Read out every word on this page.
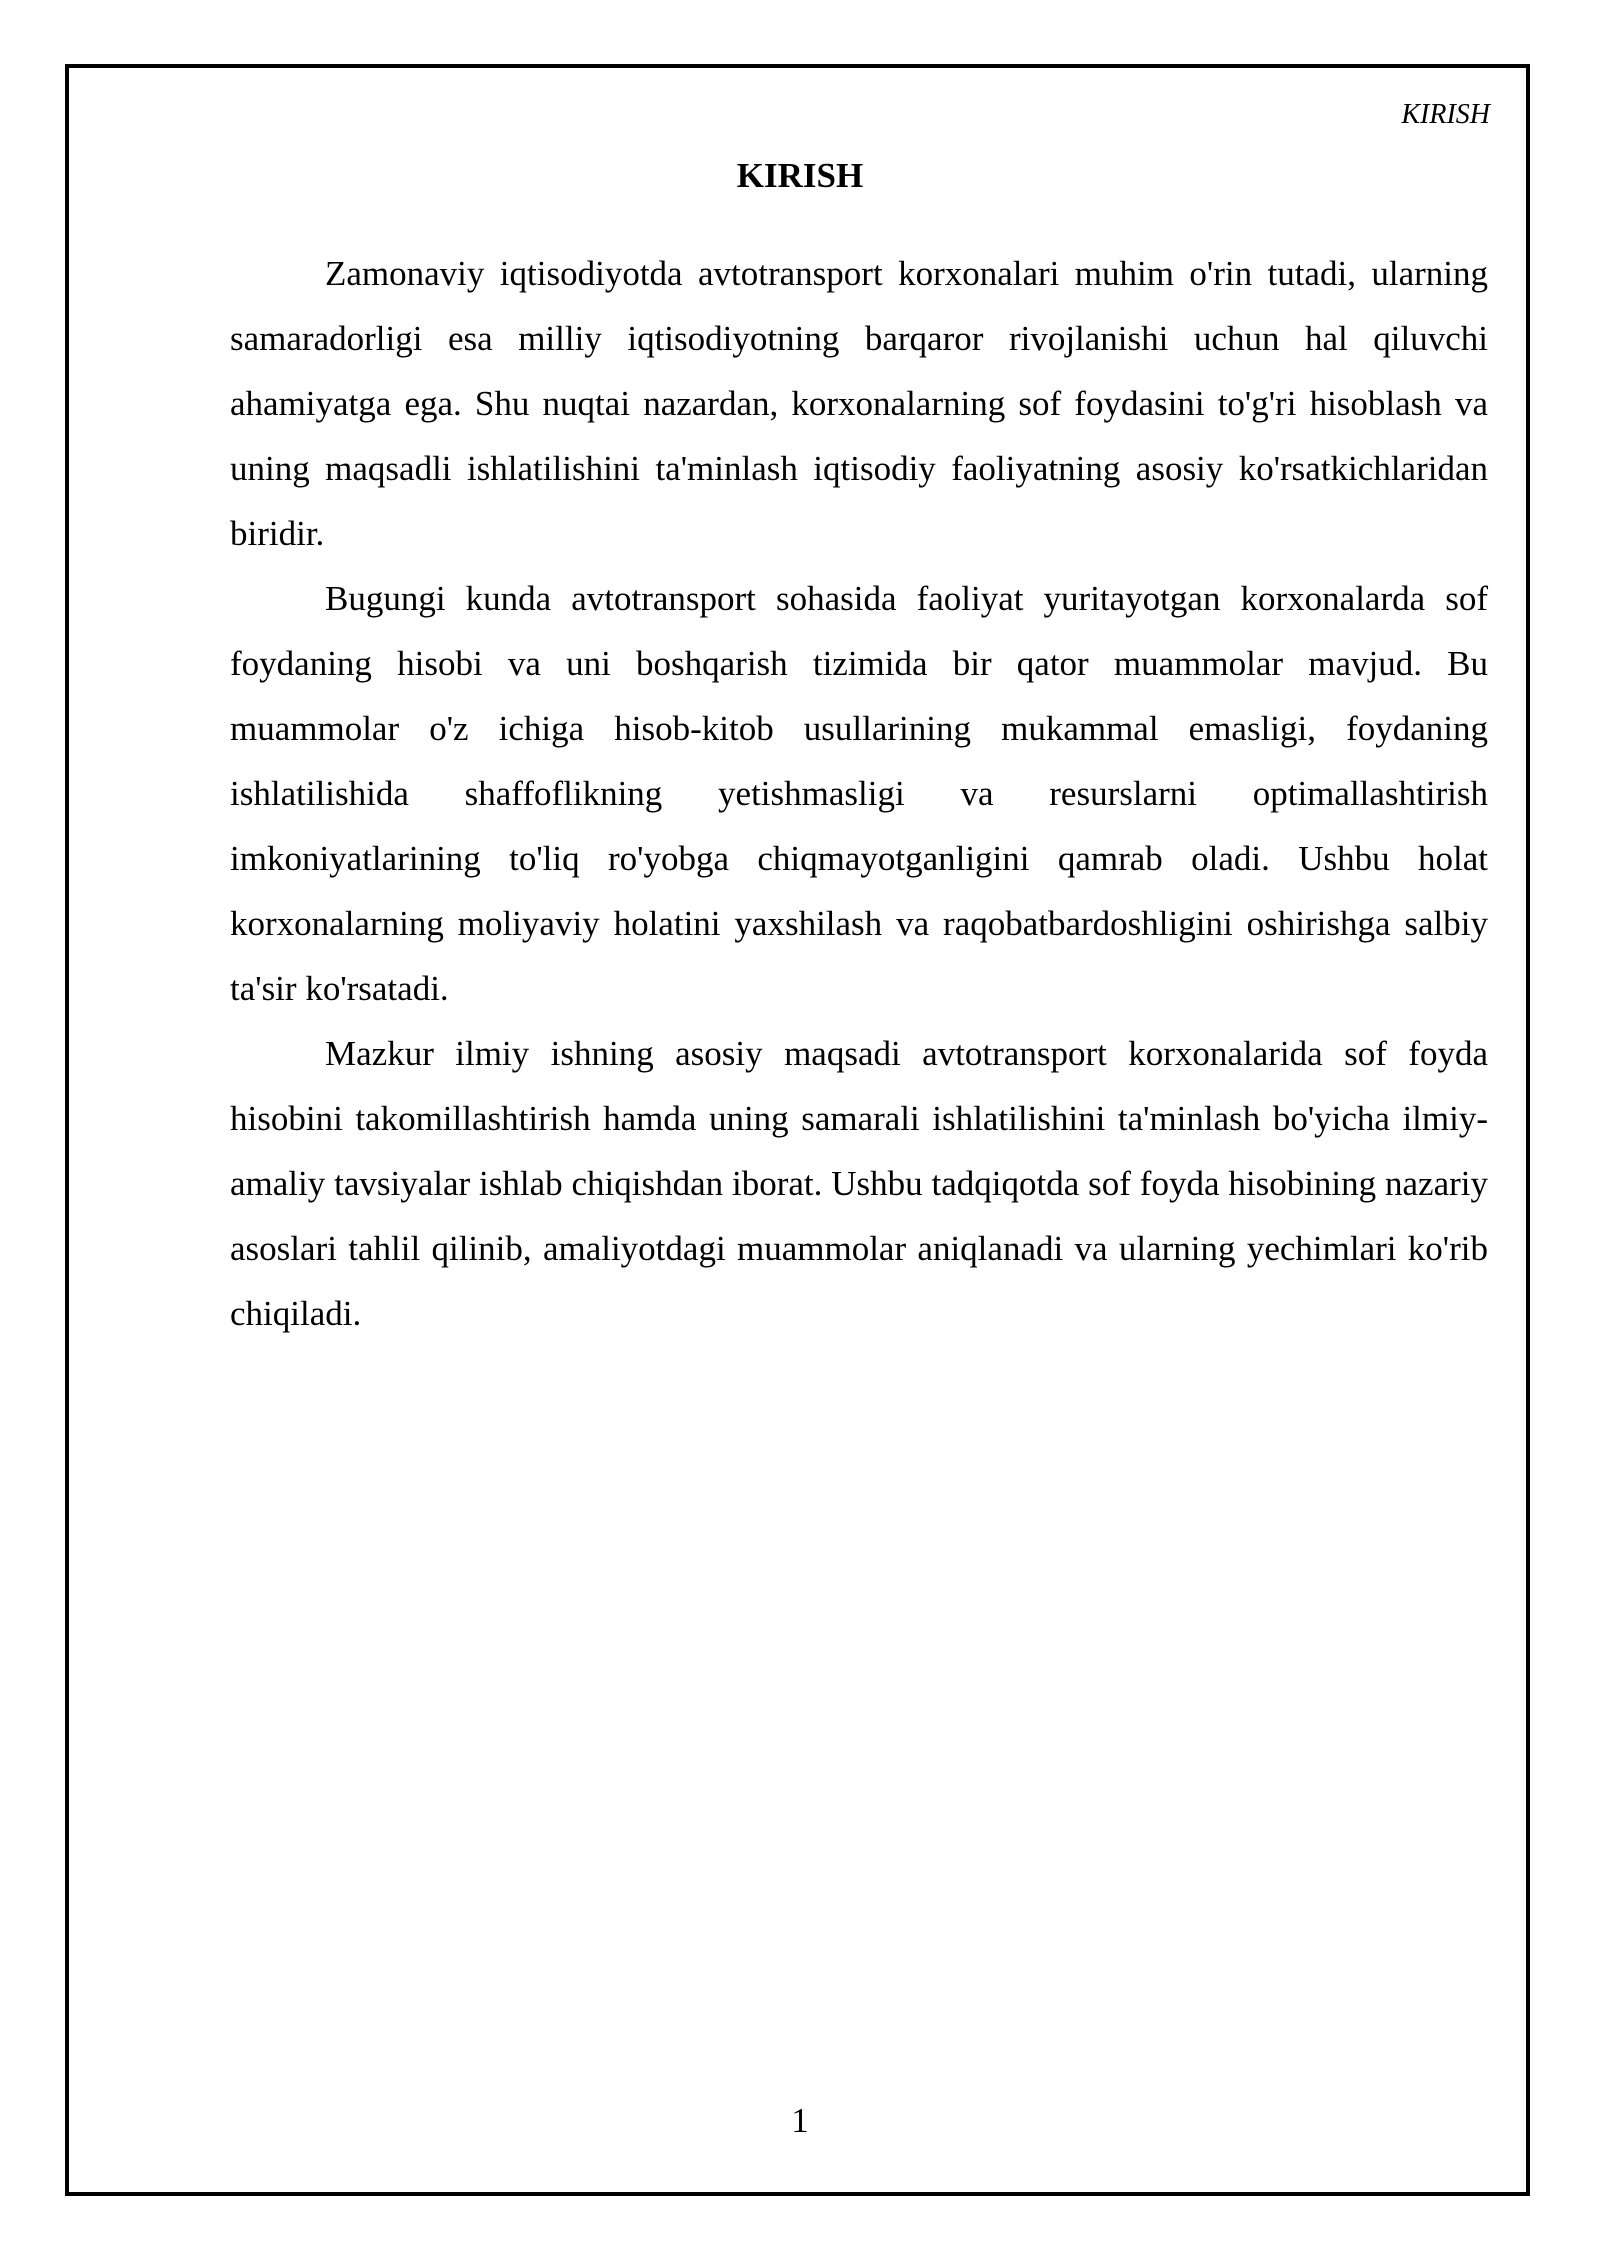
KIRISH
KIRISH

Zamonaviy iqtisodiyotda avtotransport korxonalari muhim o'rin tutadi, ularning samaradorligi esa milliy iqtisodiyotning barqaror rivojlanishi uchun hal qiluvchi ahamiyatga ega. Shu nuqtai nazardan, korxonalarning sof foydasini to'g'ri hisoblash va uning maqsadli ishlatilishini ta'minlash iqtisodiy faoliyatning asosiy ko'rsatkichlaridan biridir.

Bugungi kunda avtotransport sohasida faoliyat yuritayotgan korxonalarda sof foydaning hisobi va uni boshqarish tizimida bir qator muammolar mavjud. Bu muammolar o'z ichiga hisob-kitob usullarining mukammal emasligi, foydaning ishlatilishida shaffoflikning yetishmasligi va resurslarni optimallashtirish imkoniyatlarining to'liq ro'yobga chiqmayotganligini qamrab oladi. Ushbu holat korxonalarning moliyaviy holatini yaxshilash va raqobatbardoshligini oshirishga salbiy ta'sir ko'rsatadi.

Mazkur ilmiy ishning asosiy maqsadi avtotransport korxonalarida sof foyda hisobini takomillashtirish hamda uning samarali ishlatilishini ta'minlash bo'yicha ilmiy-amaliy tavsiyalar ishlab chiqishdan iborat. Ushbu tadqiqotda sof foyda hisobining nazariy asoslari tahlil qilinib, amaliyotdagi muammolar aniqlanadi va ularning yechimlari ko'rib chiqiladi.

1
